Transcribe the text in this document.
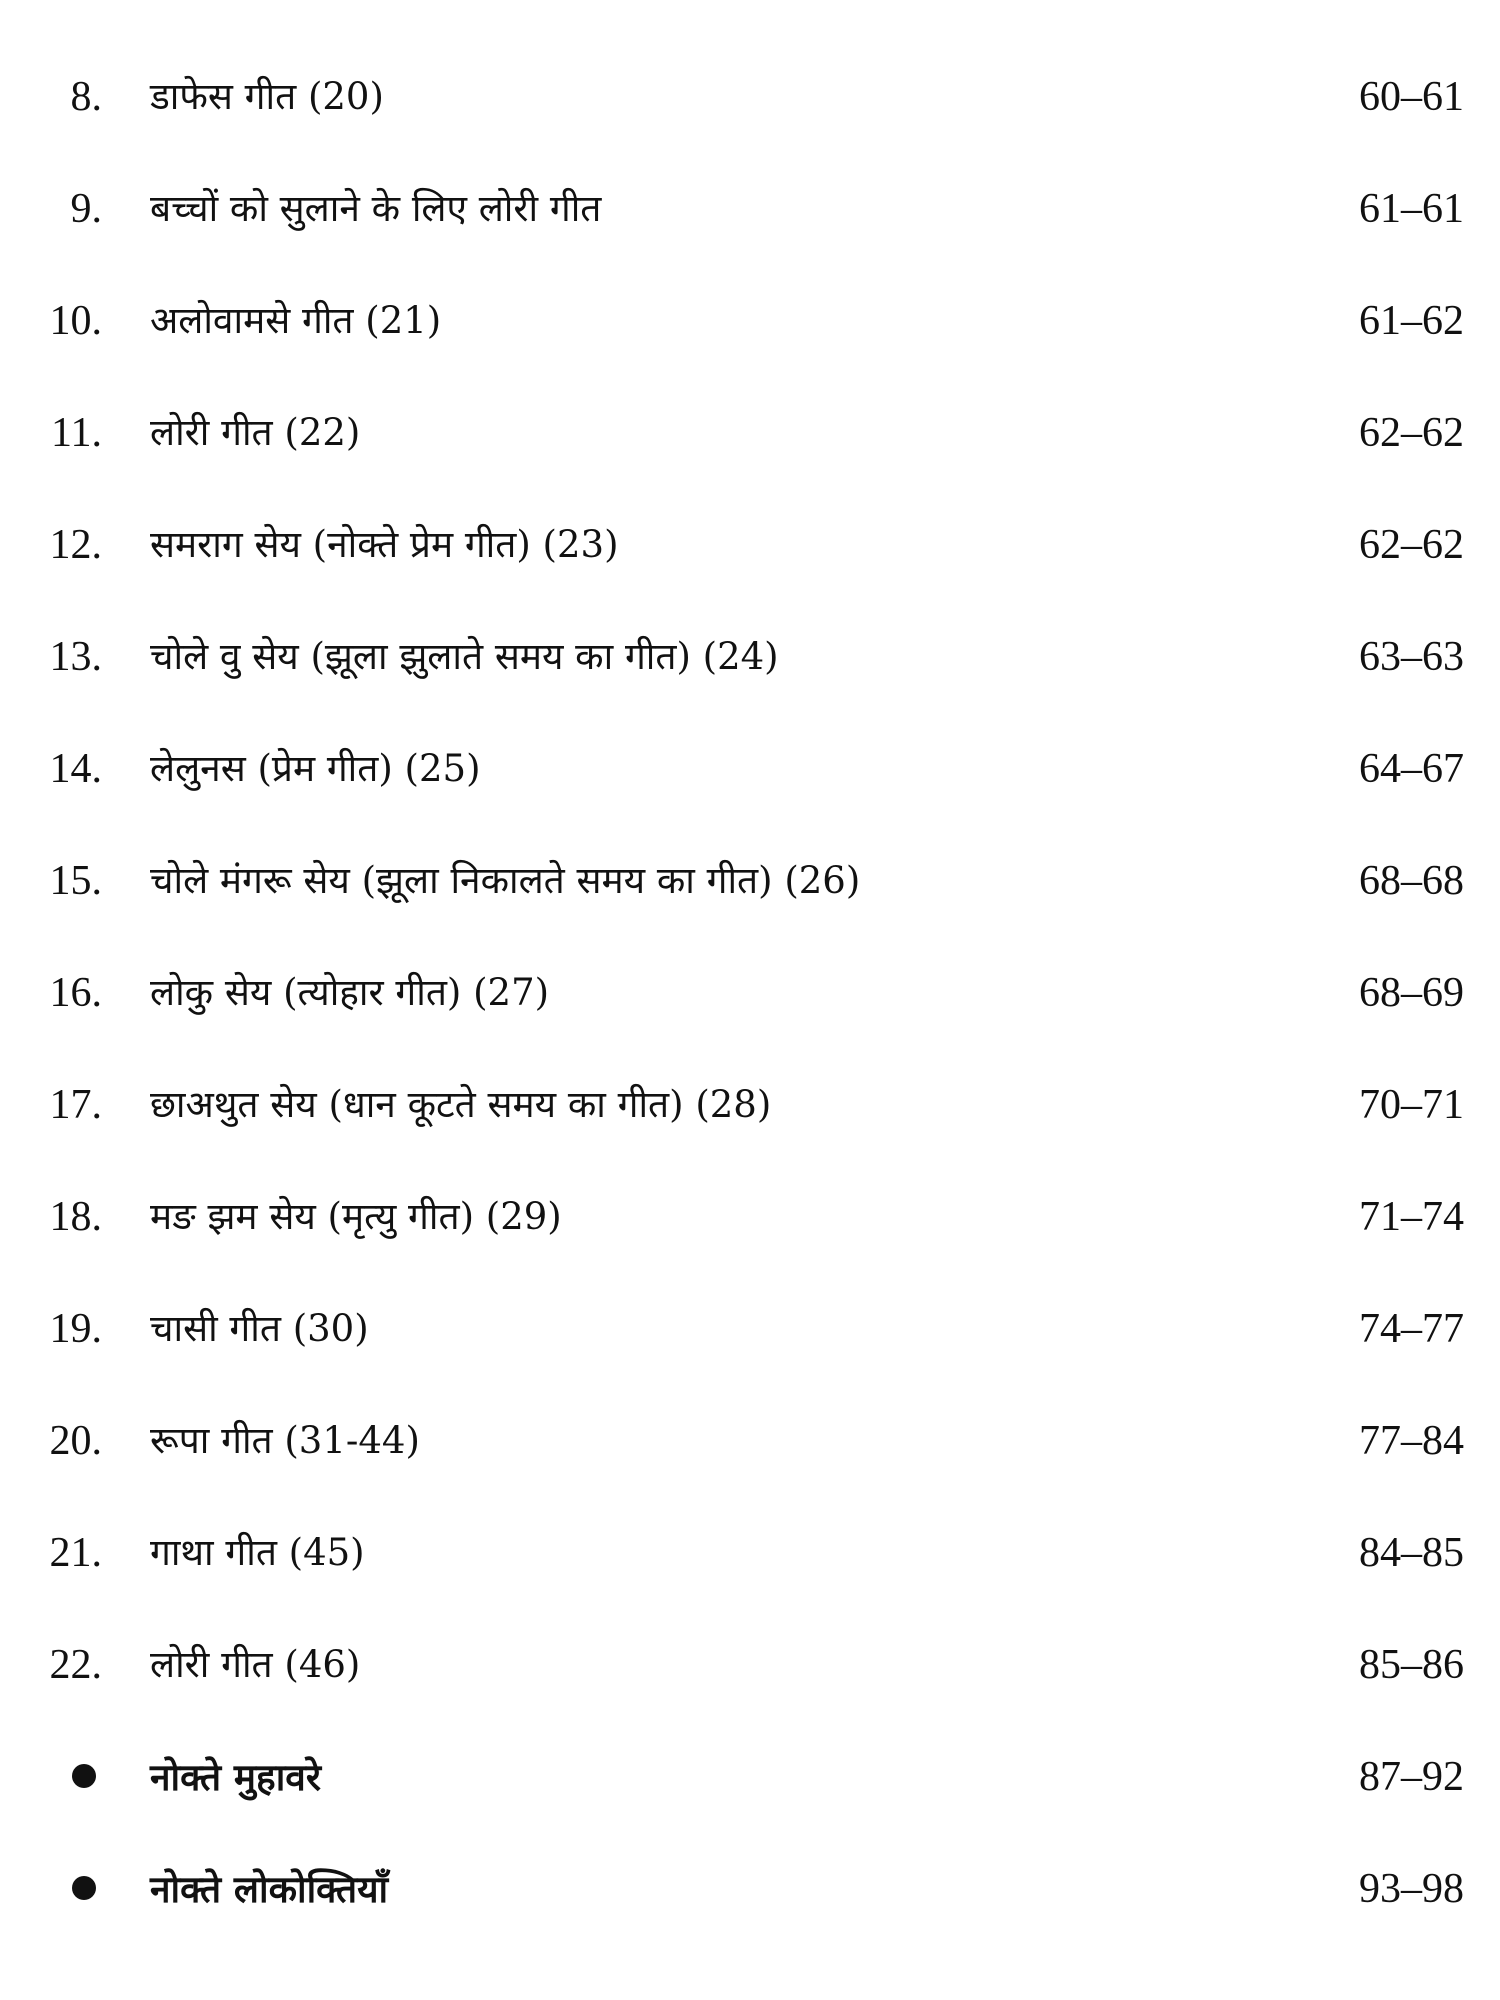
8. डाफेस गीत (20)	60–61
9. बच्चों को सुलाने के लिए लोरी गीत	61–61
10. अलोवामसे गीत (21)	61–62
11. लोरी गीत (22)	62–62
12. समराग सेय (नोक्ते प्रेम गीत) (23)	62–62
13. चोले वु सेय (झूला झुलाते समय का गीत) (24)	63–63
14. लेलुनस (प्रेम गीत) (25)	64–67
15. चोले मंगरू सेय (झूला निकालते समय का गीत) (26)	68–68
16. लोकु सेय (त्योहार गीत) (27)	68–69
17. छाअथुत सेय (धान कूटते समय का गीत) (28)	70–71
18. मङ झम सेय (मृत्यु गीत) (29)	71–74
19. चासी गीत (30)	74–77
20. रूपा गीत (31-44)	77–84
21. गाथा गीत (45)	84–85
22. लोरी गीत (46)	85–86
नोक्ते मुहावरे	87–92
नोक्ते लोकोक्तियाँ	93–98
